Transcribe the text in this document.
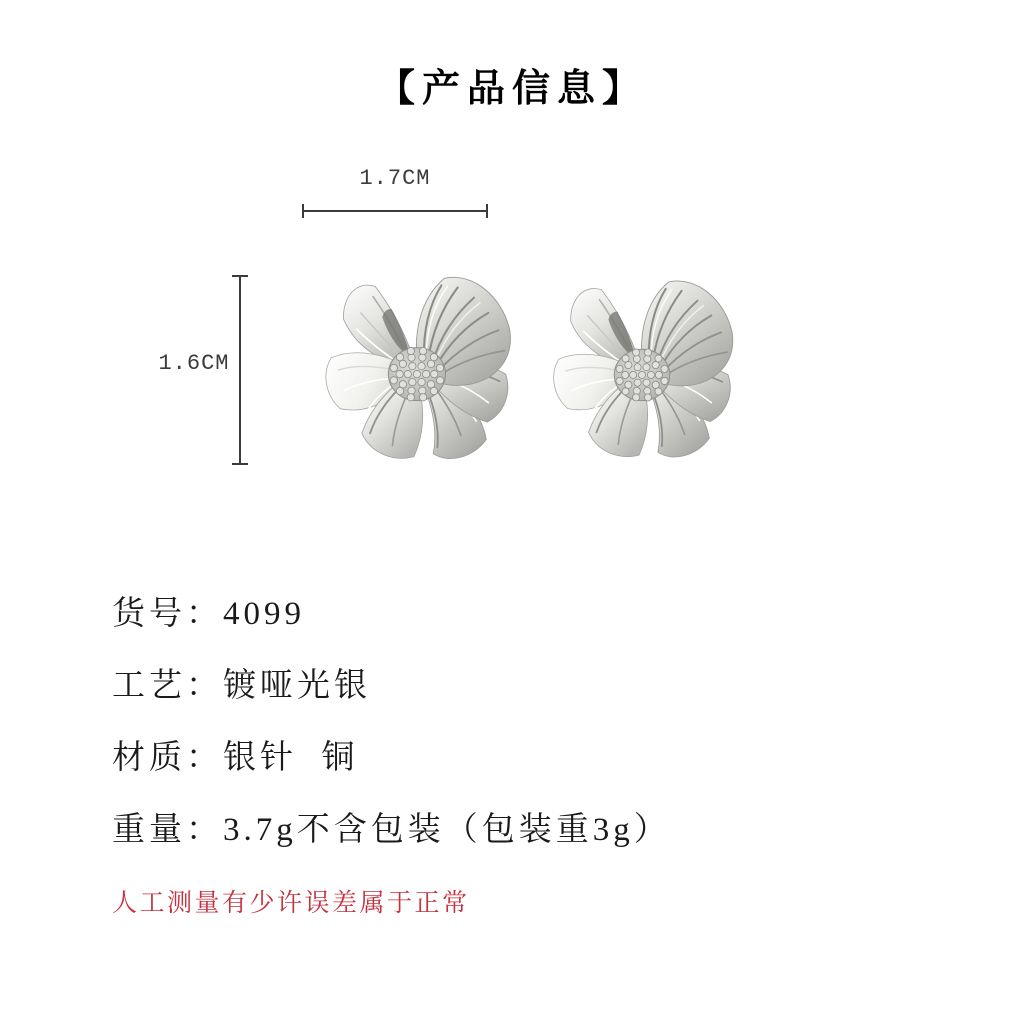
【产品信息】
1.7CM
1.6CM
货号：4099
工艺：镀哑光银
材质：银针  铜
重量：3.7g不含包装（包装重3g）
人工测量有少许误差属于正常
